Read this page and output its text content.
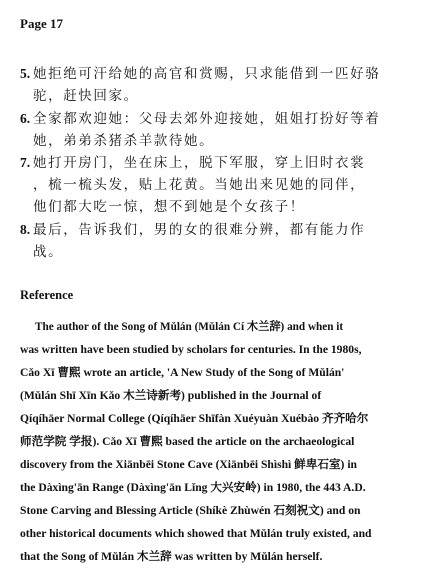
Page 17
5. 她拒绝可汗给她的高官和赏赐，只求能借到一匹好骆
驼，赶快回家。
6. 全家都欢迎她：父母去郊外迎接她，姐姐打扮好等着
她，弟弟杀猪杀羊款待她。
7. 她打开房门，坐在床上，脱下军服，穿上旧时衣裳
，梳一梳头发，贴上花黄。当她出来见她的同伴，
他们都大吃一惊，想不到她是个女孩子！
8. 最后，告诉我们，男的女的很难分辨，都有能力作
战。
Reference
The author of the Song of Mǔlán (Mǔlán Cí 木兰辞) and when it
was written have been studied by scholars for centuries. In the 1980s,
Cǎo Xī 曹熙 wrote an article, 'A New Study of the Song of Mǔlán'
(Mǔlán Shī Xīn Kǎo 木兰诗新考) published in the Journal of
Qíqíhāer Normal College (Qíqíhāer Shīfàn Xuéyuàn Xuébào 齐齐哈尔
师范学院 学报). Cǎo Xī 曹熙 based the article on the archaeological
discovery from the Xiānbēi Stone Cave (Xiānbēi Shìshì 鲜卑石室) in
the Dàxìng'ān Range (Dàxìng'ān Lǐng 大兴安岭) in 1980, the 443 A.D.
Stone Carving and Blessing Article (Shíkè Zhùwén 石刻祝文) and on
other historical documents which showed that Mǔlán truly existed, and
that the Song of Mǔlán 木兰辞 was written by Mǔlán herself.
